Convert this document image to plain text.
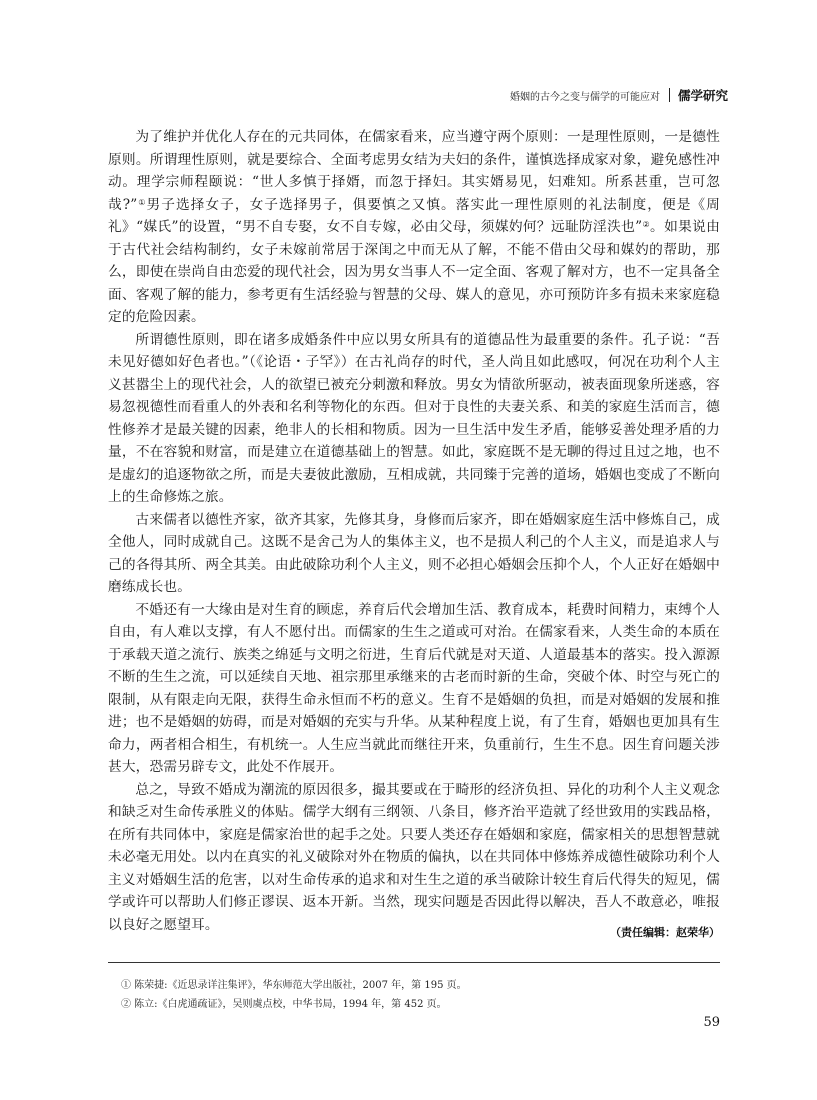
婚姻的古今之变与儒学的可能应对 儒学研究

为了维护并优化人存在的元共同体，在儒家看来，应当遵守两个原则：一是理性原则，一是德性原则。所谓理性原则，就是要综合、全面考虑男女结为夫妇的条件，谨慎选择成家对象，避免感性冲动。理学宗师程颐说：“世人多慎于择婿，而忽于择妇。其实婿易见，妇难知。所系甚重，岂可忽哉?”①男子选择女子，女子选择男子，俱要慎之又慎。落实此一理性原则的礼法制度，便是《周礼》“媒氏”的设置，“男不自专娶，女不自专嫁，必由父母，须媒妁何？远耻防淫泆也”②。如果说由于古代社会结构制约，女子未嫁前常居于深闺之中而无从了解，不能不借由父母和媒妁的帮助，那么，即使在崇尚自由恋爱的现代社会，因为男女当事人不一定全面、客观了解对方，也不一定具备全面、客观了解的能力，参考更有生活经验与智慧的父母、媒人的意见，亦可预防许多有损未来家庭稳定的危险因素。

所谓德性原则，即在诸多成婚条件中应以男女所具有的道德品性为最重要的条件。孔子说：“吾未见好德如好色者也。”（《论语・子罕》）在古礼尚存的时代，圣人尚且如此感叹，何况在功利个人主义甚嚣尘上的现代社会，人的欲望已被充分刺激和释放。男女为情欲所驱动，被表面现象所迷惑，容易忽视德性而看重人的外表和名利等物化的东西。但对于良性的夫妻关系、和美的家庭生活而言，德性修养才是最关键的因素，绝非人的长相和物质。因为一旦生活中发生矛盾，能够妥善处理矛盾的力量，不在容貌和财富，而是建立在道德基础上的智慧。如此，家庭既不是无聊的得过且过之地，也不是虚幻的追逐物欲之所，而是夫妻彼此激励，互相成就，共同臻于完善的道场，婚姻也变成了不断向上的生命修炼之旅。

古来儒者以德性齐家，欲齐其家，先修其身，身修而后家齐，即在婚姻家庭生活中修炼自己，成全他人，同时成就自己。这既不是舍己为人的集体主义，也不是损人利己的个人主义，而是追求人与己的各得其所、两全其美。由此破除功利个人主义，则不必担心婚姻会压抑个人，个人正好在婚姻中磨练成长也。

不婚还有一大缘由是对生育的顾虑，养育后代会增加生活、教育成本，耗费时间精力，束缚个人自由，有人难以支撑，有人不愿付出。而儒家的生生之道或可对治。在儒家看来，人类生命的本质在于承载天道之流行、族类之绵延与文明之衍进，生育后代就是对天道、人道最基本的落实。投入源源不断的生生之流，可以延续自天地、祖宗那里承继来的古老而时新的生命，突破个体、时空与死亡的限制，从有限走向无限，获得生命永恒而不朽的意义。生育不是婚姻的负担，而是对婚姻的发展和推进；也不是婚姻的妨碍，而是对婚姻的充实与升华。从某种程度上说，有了生育，婚姻也更加具有生命力，两者相合相生，有机统一。人生应当就此而继往开来，负重前行，生生不息。因生育问题关涉甚大，恐需另辟专文，此处不作展开。

总之，导致不婚成为潮流的原因很多，撮其要或在于畸形的经济负担、异化的功利个人主义观念和缺乏对生命传承胜义的体贴。儒学大纲有三纲领、八条目，修齐治平造就了经世致用的实践品格，在所有共同体中，家庭是儒家治世的起手之处。只要人类还存在婚姻和家庭，儒家相关的思想智慧就未必毫无用处。以内在真实的礼义破除对外在物质的偏执，以在共同体中修炼养成德性破除功利个人主义对婚姻生活的危害，以对生命传承的追求和对生生之道的承当破除计较生育后代得失的短见，儒学或许可以帮助人们修正谬误、返本开新。当然，现实问题是否因此得以解决，吾人不敢意必，唯报以良好之愿望耳。	（责任编辑：赵荣华）

① 陈荣捷:《近思录详注集评》，华东师范大学出版社，2007 年，第 195 页。

② 陈立:《白虎通疏证》，吴则虞点校，中华书局，1994 年，第 452 页。

59
